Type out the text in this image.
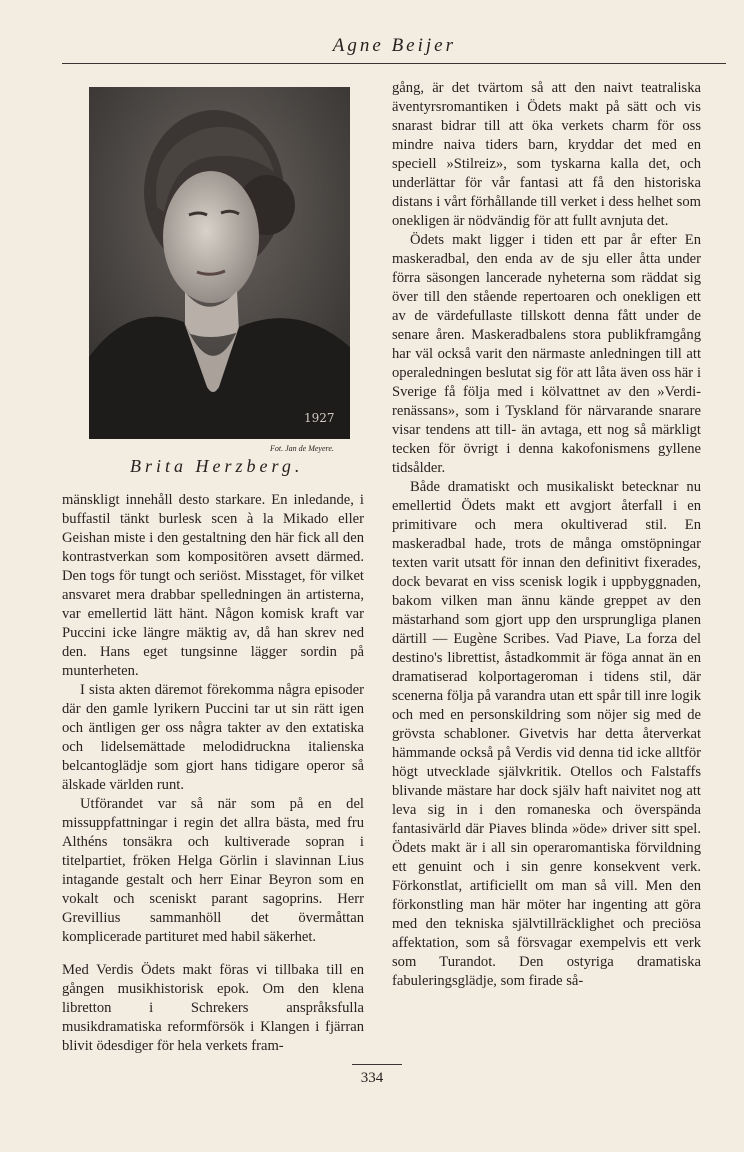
Agne Beijer
1927
Fot. Jan de Meyere.
Brita Herzberg.

mänskligt innehåll desto starkare. En inledande, i buffastil tänkt burlesk scen à la Mikado eller Geishan miste i den gestaltning den här fick all den kontrastverkan som kompositören avsett därmed. Den togs för tungt och seriöst. Misstaget, för vilket ansvaret mera drabbar spelledningen än artisterna, var emellertid lätt hänt. Någon komisk kraft var Puccini icke längre mäktig av, då han skrev ned den. Hans eget tungsinne lägger sordin på munterheten.

I sista akten däremot förekomma några episoder där den gamle lyrikern Puccini tar ut sin rätt igen och äntligen ger oss några takter av den extatiska och lidelsemättade melodidruckna italienska belcantoglädje som gjort hans tidigare operor så älskade världen runt.

Utförandet var så när som på en del missuppfattningar i regin det allra bästa, med fru Althéns tonsäkra och kultiverade sopran i titelpartiet, fröken Helga Görlin i slavinnan Lius intagande gestalt och herr Einar Beyron som en vokalt och sceniskt parant sagoprins. Herr Grevillius sammanhöll det övermåttan komplicerade partituret med habil säkerhet.

Med Verdis Ödets makt föras vi tillbaka till en gången musikhistorisk epok. Om den klena libretton i Schrekers anspråksfulla musikdramatiska reformförsök i Klangen i fjärran blivit ödesdiger för hela verkets fram-

gång, är det tvärtom så att den naivt teatraliska äventyrsromantiken i Ödets makt på sätt och vis snarast bidrar till att öka verkets charm för oss mindre naiva tiders barn, kryddar det med en speciell »Stilreiz», som tyskarna kalla det, och underlättar för vår fantasi att få den historiska distans i vårt förhållande till verket i dess helhet som onekligen är nödvändig för att fullt avnjuta det.

Ödets makt ligger i tiden ett par år efter En maskeradbal, den enda av de sju eller åtta under förra säsongen lancerade nyheterna som räddat sig över till den stående repertoaren och onekligen ett av de värdefullaste tillskott denna fått under de senare åren. Maskeradbalens stora publikframgång har väl också varit den närmaste anledningen till att operaledningen beslutat sig för att låta även oss här i Sverige få följa med i kölvattnet av den »Verdi-renässans», som i Tyskland för närvarande snarare visar tendens att till- än avtaga, ett nog så märkligt tecken för övrigt i denna kakofonismens gyllene tidsålder.

Både dramatiskt och musikaliskt betecknar nu emellertid Ödets makt ett avgjort återfall i en primitivare och mera okultiverad stil. En maskeradbal hade, trots de många omstöpningar texten varit utsatt för innan den definitivt fixerades, dock bevarat en viss scenisk logik i uppbyggnaden, bakom vilken man ännu kände greppet av den mästarhand som gjort upp den ursprungliga planen därtill — Eugène Scribes. Vad Piave, La forza del destino's librettist, åstadkommit är föga annat än en dramatiserad kolportageroman i tidens stil, där scenerna följa på varandra utan ett spår till inre logik och med en personskildring som nöjer sig med de grövsta schabloner. Givetvis har detta återverkat hämmande också på Verdis vid denna tid icke alltför högt utvecklade självkritik. Otellos och Falstaffs blivande mästare har dock själv haft naivitet nog att leva sig in i den romaneska och överspända fantasivärld där Piaves blinda »öde» driver sitt spel. Ödets makt är i all sin operaromantiska förvildning ett genuint och i sin genre konsekvent verk. Förkonstlat, artificiellt om man så vill. Men den förkonstling man här möter har ingenting att göra med den tekniska självtillräcklighet och preciösa affektation, som så försvagar exempelvis ett verk som Turandot. Den ostyriga dramatiska fabuleringsglädje, som firade så-

334
